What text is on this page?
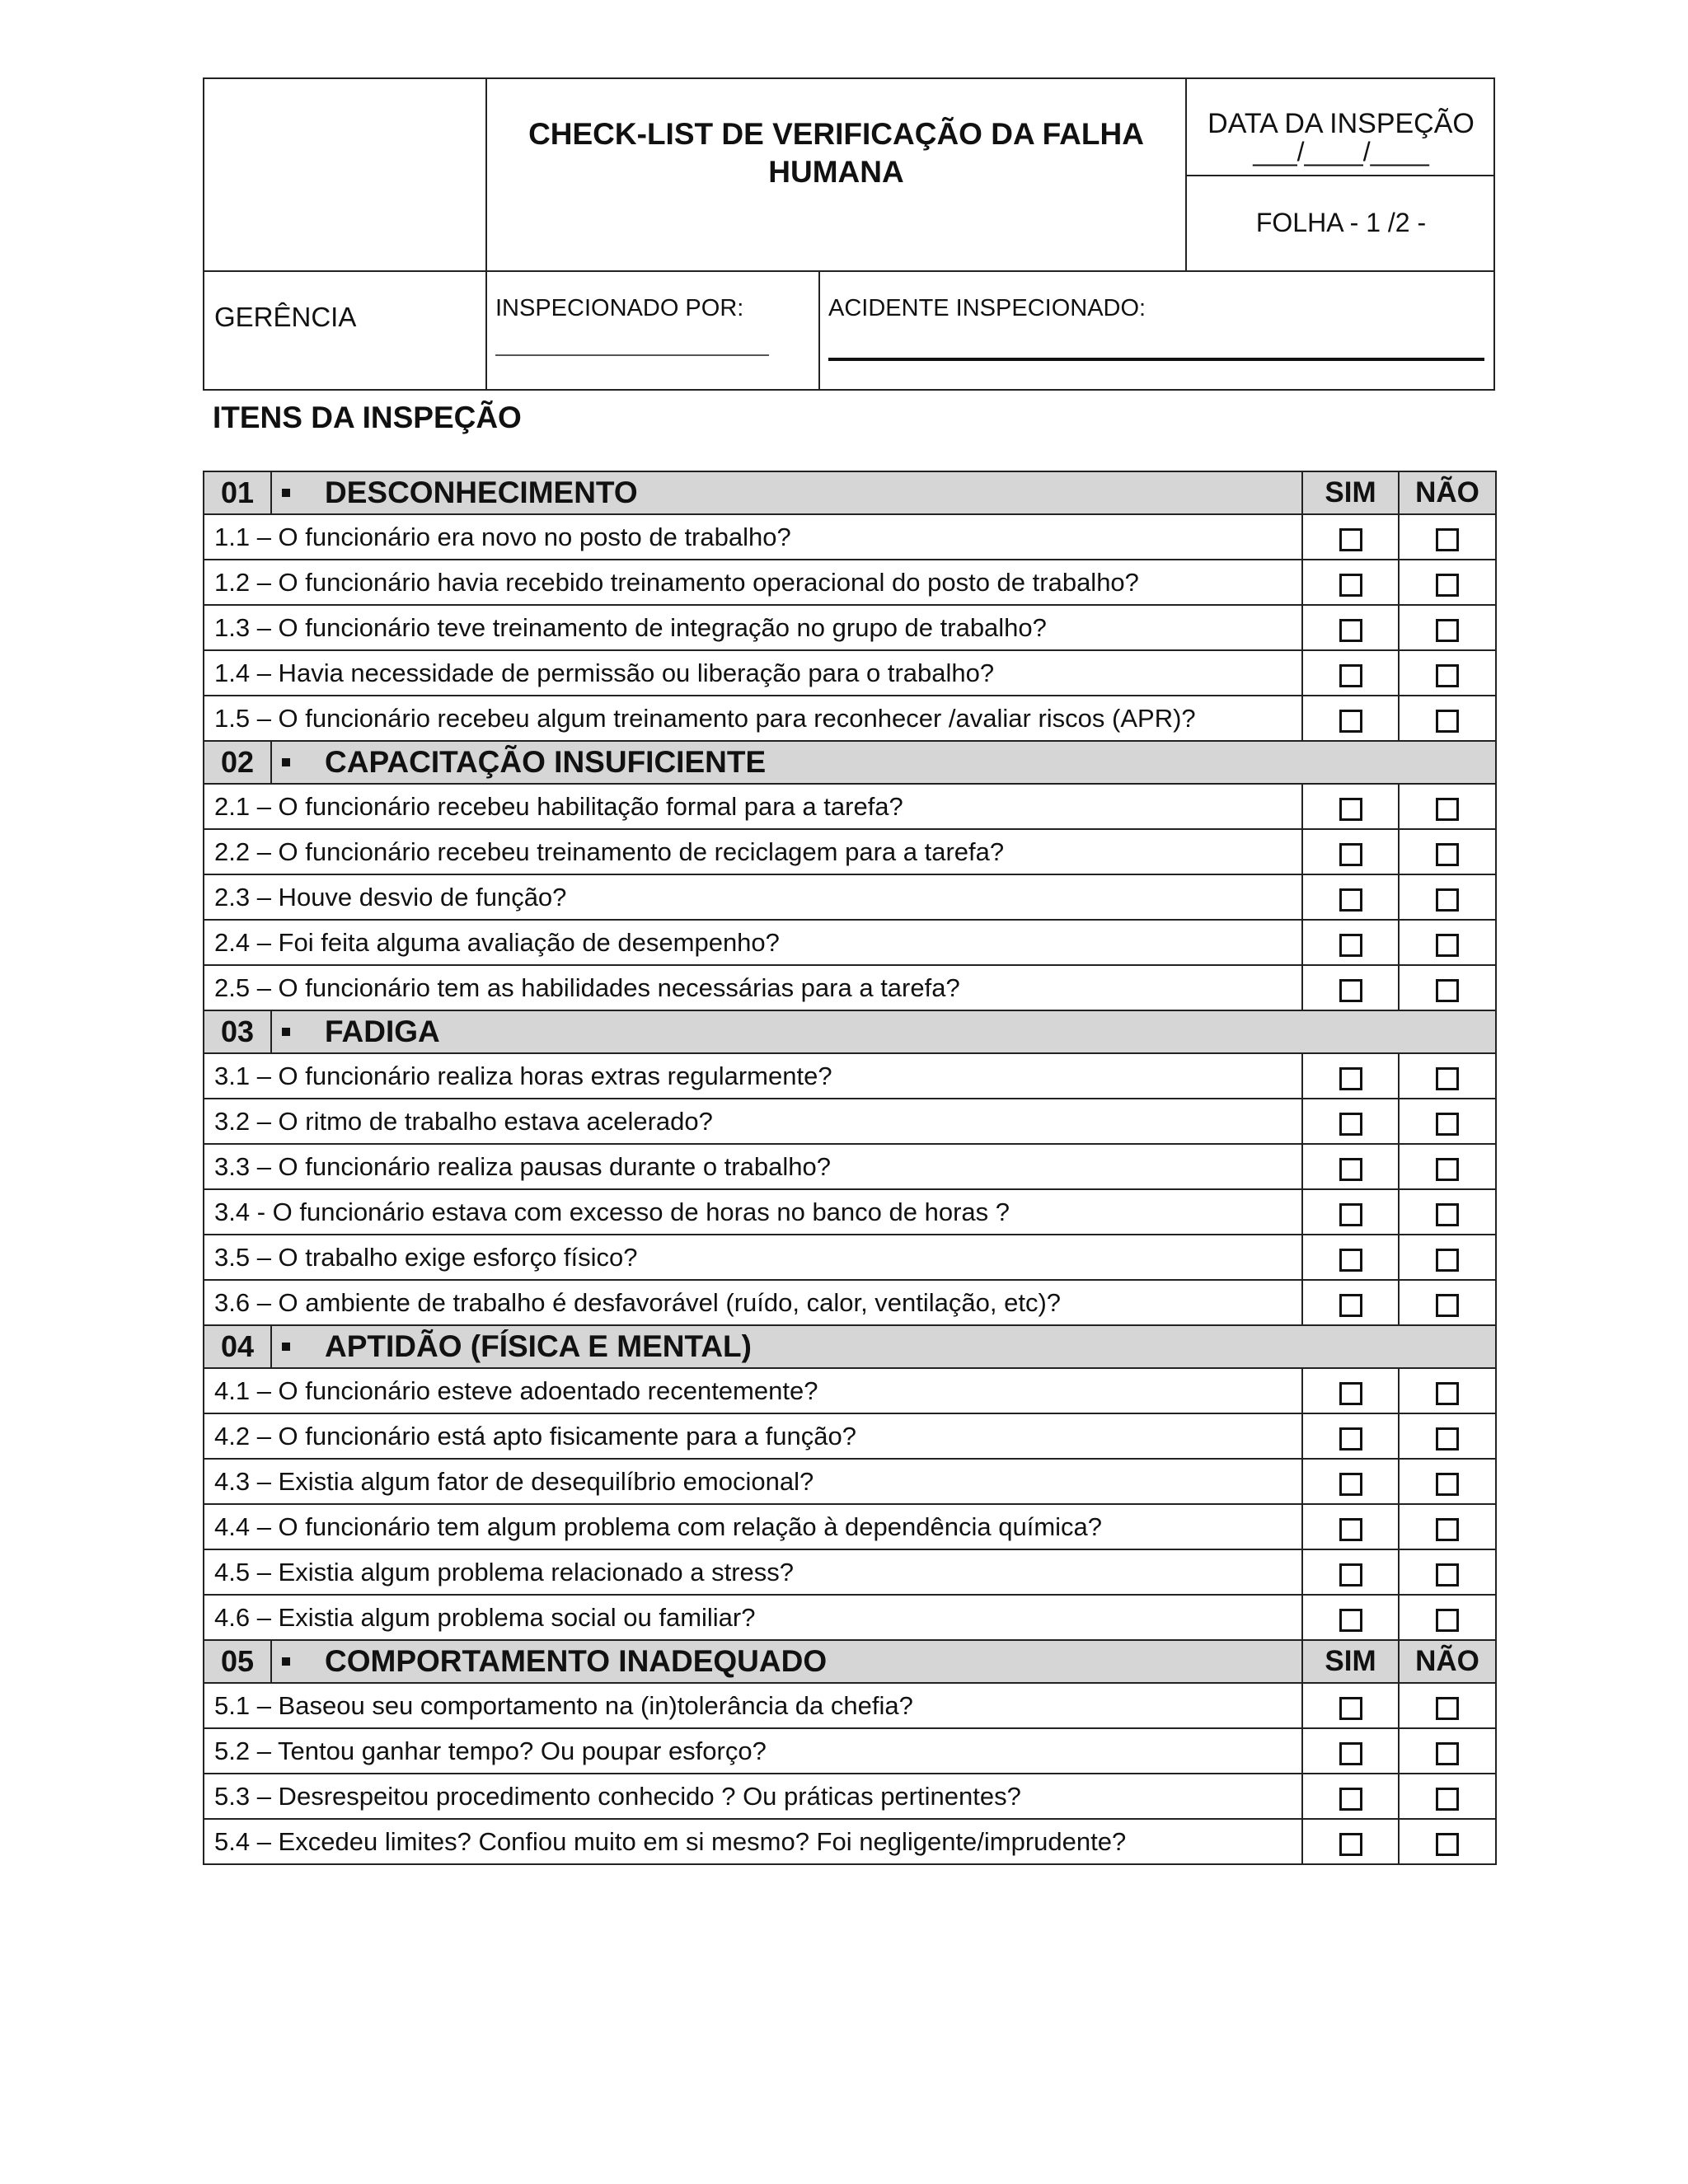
CHECK-LIST DE VERIFICAÇÃO DA FALHA
HUMANA
DATA DA INSPEÇÃO
___/____/____
FOLHA - 1 /2 -
GERÊNCIA	INSPECIONADO POR:	ACIDENTE INSPECIONADO:
ITENS DA INSPEÇÃO
01	DESCONHECIMENTO	SIM	NÃO
1.1 – O funcionário era novo no posto de trabalho?			
1.2 – O funcionário havia recebido treinamento operacional do posto de trabalho?			
1.3 – O funcionário teve treinamento de integração no grupo de trabalho?			
1.4 – Havia necessidade de permissão ou liberação para o trabalho?			
1.5 – O funcionário recebeu algum treinamento para reconhecer /avaliar riscos (APR)?			
02	CAPACITAÇÃO INSUFICIENTE		
2.1 – O funcionário recebeu habilitação formal para a tarefa?			
2.2 – O funcionário recebeu treinamento de reciclagem para a tarefa?			
2.3 – Houve desvio de função?			
2.4 – Foi feita alguma avaliação de desempenho?			
2.5 – O funcionário tem as habilidades necessárias para a tarefa?			
03	FADIGA		
3.1 – O funcionário realiza horas extras regularmente?			
3.2 – O ritmo de trabalho estava acelerado?			
3.3 – O funcionário realiza pausas durante o trabalho?			
3.4 - O funcionário estava com excesso de horas no banco de horas ?			
3.5 – O trabalho exige esforço físico?			
3.6 – O ambiente de trabalho é desfavorável (ruído, calor, ventilação, etc)?			
04	APTIDÃO (FÍSICA E MENTAL)		
4.1 – O funcionário esteve adoentado recentemente?			
4.2 – O funcionário está apto fisicamente para a função?			
4.3 – Existia algum fator de desequilíbrio emocional?			
4.4 – O funcionário tem algum problema com relação à dependência química?			
4.5 – Existia algum problema relacionado a stress?			
4.6 – Existia algum problema social ou familiar?			
05	COMPORTAMENTO INADEQUADO	SIM	NÃO
5.1 – Baseou seu comportamento na (in)tolerância da chefia?			
5.2 – Tentou ganhar tempo? Ou poupar esforço?			
5.3 – Desrespeitou procedimento conhecido ? Ou práticas pertinentes?			
5.4 – Excedeu limites? Confiou muito em si mesmo? Foi negligente/imprudente?			
